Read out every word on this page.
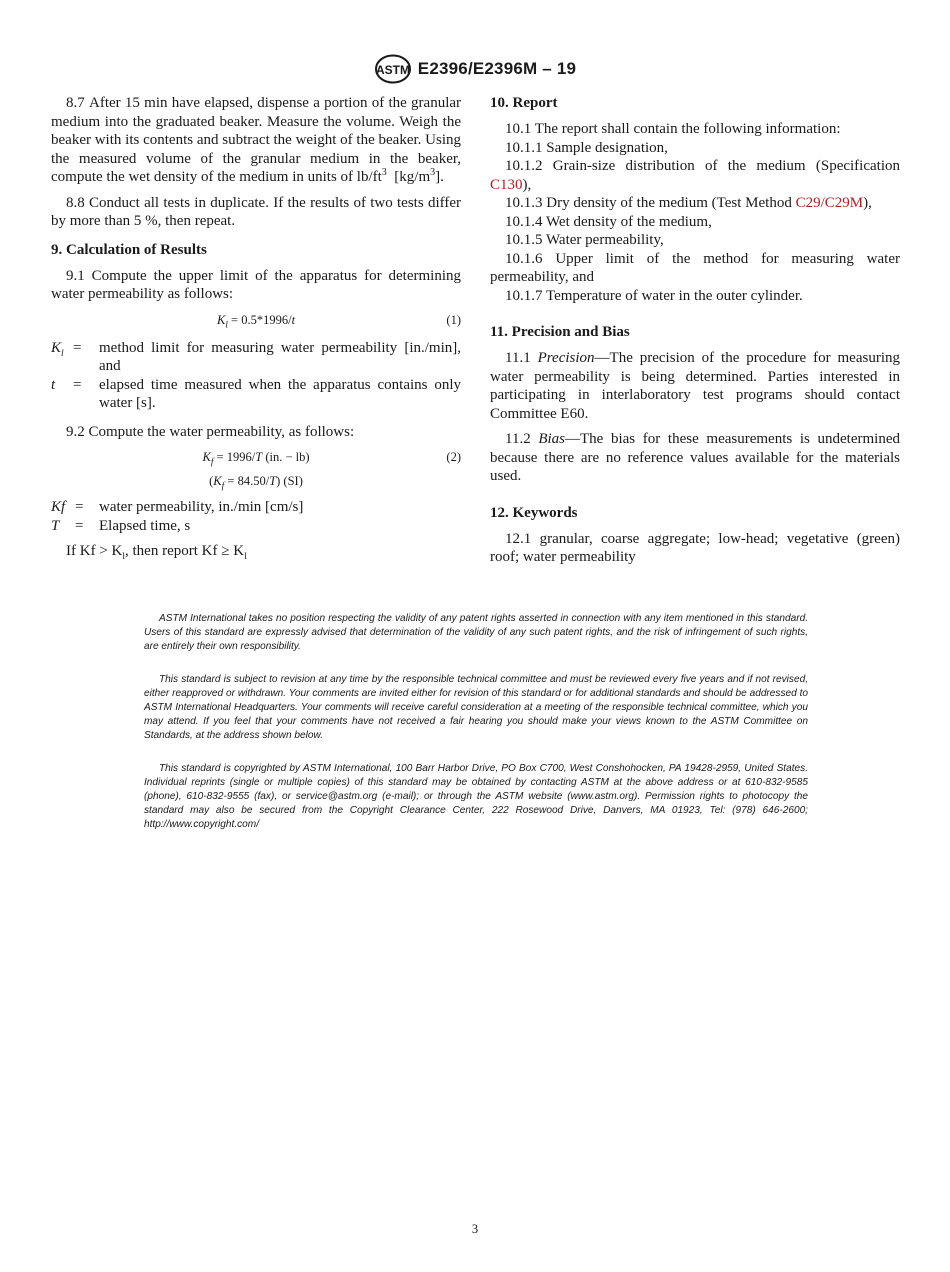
ASTM E2396/E2396M – 19

8.7 After 15 min have elapsed, dispense a portion of the granular medium into the graduated beaker. Measure the volume. Weigh the beaker with its contents and subtract the weight of the beaker. Using the measured volume of the granular medium in the beaker, compute the wet density of the medium in units of $lb/ft^3$  $[kg/m^3]$.

8.8 Conduct all tests in duplicate. If the results of two tests differ by more than 5 %, then repeat.

9. Calculation of Results

9.1 Compute the upper limit of the apparatus for determining water permeability as follows:

$K_l = 0.5*1996/t$	(1)
$K_l$ =	method limit for measuring water permeability [in./min], and
t	=	elapsed time measured when the apparatus contains only water [s].

9.2 Compute the water permeability, as follows:

$K_f = 1996/T$ (in. − lb)	(2)
$(K_f = 84.50/T)$ (SI)
Kf =	water permeability, in./min [cm/s]
T	=	Elapsed time, s

If $Kf > K_l$, then report $Kf \ge K_l$

10. Report

10.1 The report shall contain the following information:

10.1.1 Sample designation,

10.1.2 Grain-size distribution of the medium (Specification C130),

10.1.3 Dry density of the medium (Test Method C29/C29M),

10.1.4 Wet density of the medium,

10.1.5 Water permeability,

10.1.6 Upper limit of the method for measuring water permeability, and

10.1.7 Temperature of water in the outer cylinder.

11. Precision and Bias

11.1 Precision—The precision of the procedure for measuring water permeability is being determined. Parties interested in participating in interlaboratory test programs should contact Committee E60.

11.2 Bias—The bias for these measurements is undetermined because there are no reference values available for the materials used.

12. Keywords

12.1 granular, coarse aggregate; low-head; vegetative (green) roof; water permeability

ASTM International takes no position respecting the validity of any patent rights asserted in connection with any item mentioned in this standard. Users of this standard are expressly advised that determination of the validity of any such patent rights, and the risk of infringement of such rights, are entirely their own responsibility.

This standard is subject to revision at any time by the responsible technical committee and must be reviewed every five years and if not revised, either reapproved or withdrawn. Your comments are invited either for revision of this standard or for additional standards and should be addressed to ASTM International Headquarters. Your comments will receive careful consideration at a meeting of the responsible technical committee, which you may attend. If you feel that your comments have not received a fair hearing you should make your views known to the ASTM Committee on Standards, at the address shown below.

This standard is copyrighted by ASTM International, 100 Barr Harbor Drive, PO Box C700, West Conshohocken, PA 19428-2959, United States. Individual reprints (single or multiple copies) of this standard may be obtained by contacting ASTM at the above address or at 610-832-9585 (phone), 610-832-9555 (fax), or service@astm.org (e-mail); or through the ASTM website (www.astm.org). Permission rights to photocopy the standard may also be secured from the Copyright Clearance Center, 222 Rosewood Drive, Danvers, MA 01923, Tel: (978) 646-2600; http://www.copyright.com/

3
